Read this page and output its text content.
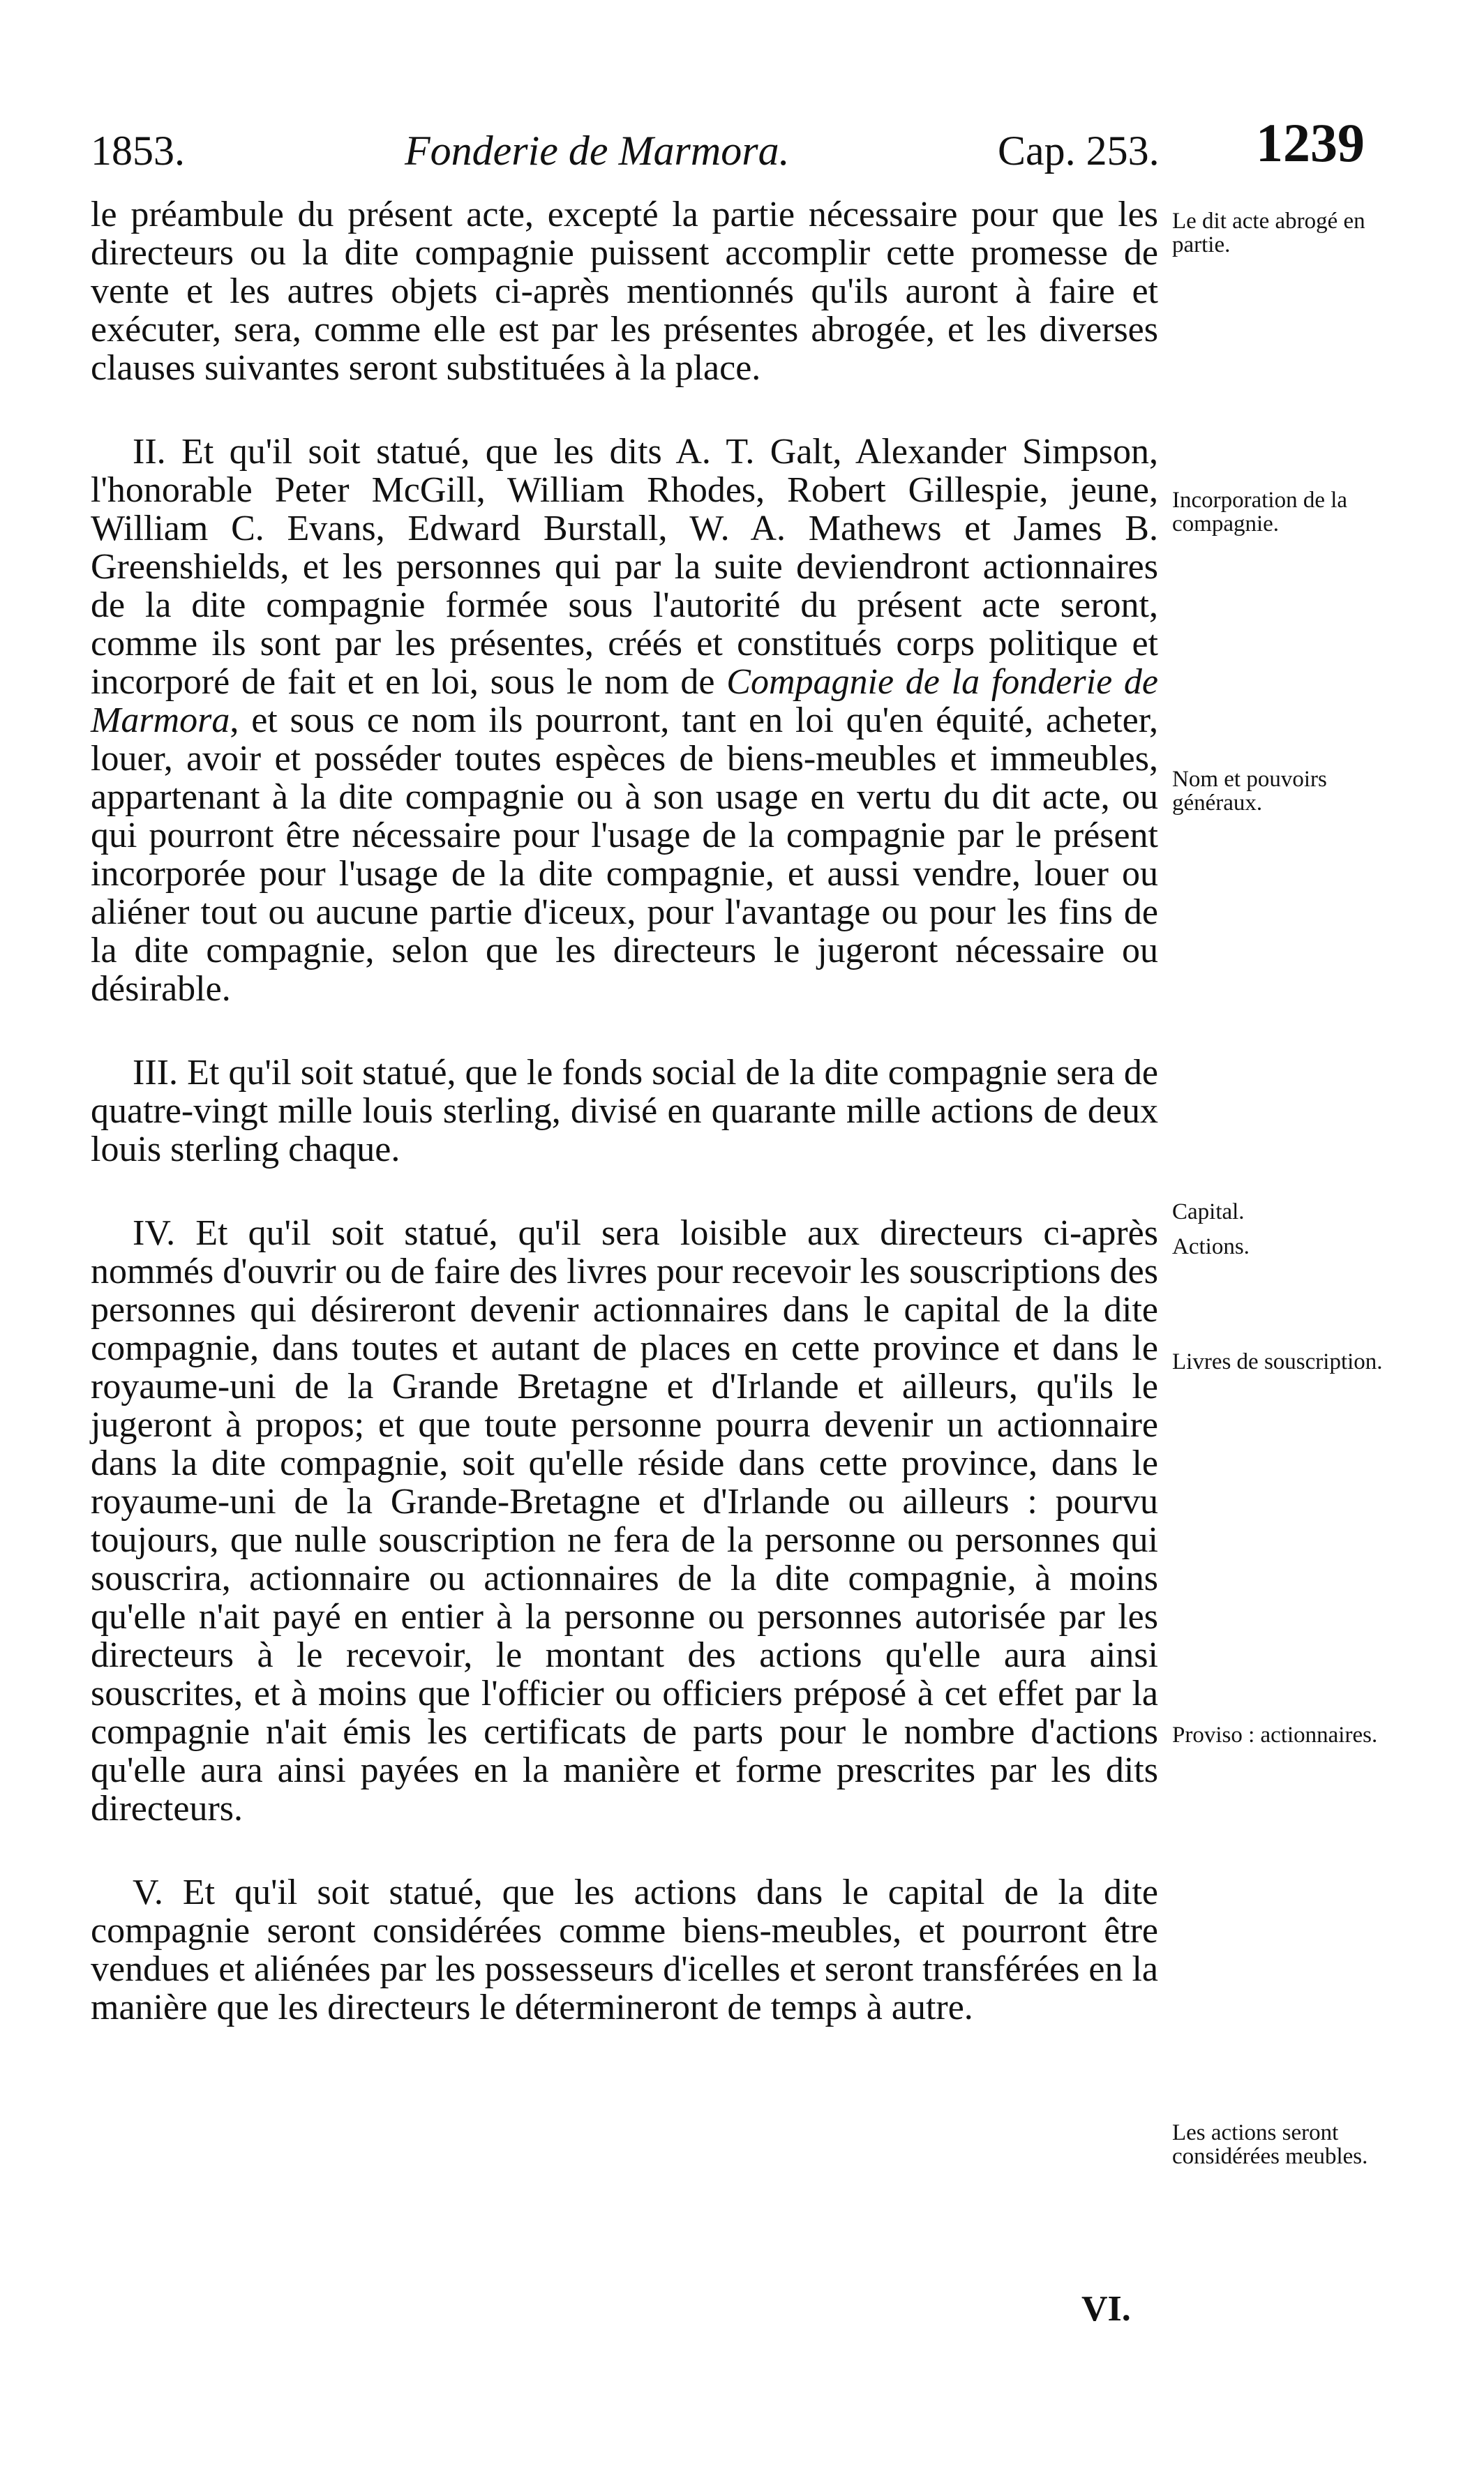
1853.	Fonderie de Marmora.	Cap. 253. 1239

le préambule du présent acte, excepté la partie nécessaire pour que les directeurs ou la dite compagnie puissent accomplir cette promesse de vente et les autres objets ci-après mentionnés qu'ils auront à faire et exécuter, sera, comme elle est par les présentes abrogée, et les diverses clauses suivantes seront substituées à la place.

II. Et qu'il soit statué, que les dits A. T. Galt, Alexander Simpson, l'honorable Peter McGill, William Rhodes, Robert Gillespie, jeune, William C. Evans, Edward Burstall, W. A. Mathews et James B. Greenshields, et les personnes qui par la suite deviendront actionnaires de la dite compagnie formée sous l'autorité du présent acte seront, comme ils sont par les présentes, créés et constitués corps politique et incorporé de fait et en loi, sous le nom de Compagnie de la fonderie de Marmora, et sous ce nom ils pourront, tant en loi qu'en équité, acheter, louer, avoir et posséder toutes espèces de biens-meubles et immeubles, appartenant à la dite compagnie ou à son usage en vertu du dit acte, ou qui pourront être nécessaire pour l'usage de la compagnie par le présent incorporée pour l'usage de la dite compagnie, et aussi vendre, louer ou aliéner tout ou aucune partie d'iceux, pour l'avantage ou pour les fins de la dite compagnie, selon que les directeurs le jugeront nécessaire ou désirable.

III. Et qu'il soit statué, que le fonds social de la dite compagnie sera de quatre-vingt mille louis sterling, divisé en quarante mille actions de deux louis sterling chaque.

IV. Et qu'il soit statué, qu'il sera loisible aux directeurs ci-après nommés d'ouvrir ou de faire des livres pour recevoir les souscriptions des personnes qui désireront devenir actionnaires dans le capital de la dite compagnie, dans toutes et autant de places en cette province et dans le royaume-uni de la Grande Bretagne et d'Irlande et ailleurs, qu'ils le jugeront à propos; et que toute personne pourra devenir un actionnaire dans la dite compagnie, soit qu'elle réside dans cette province, dans le royaume-uni de la Grande-Bretagne et d'Irlande ou ailleurs : pourvu toujours, que nulle souscription ne fera de la personne ou personnes qui souscrira, actionnaire ou actionnaires de la dite compagnie, à moins qu'elle n'ait payé en entier à la personne ou personnes autorisée par les directeurs à le recevoir, le montant des actions qu'elle aura ainsi souscrites, et à moins que l'officier ou officiers préposé à cet effet par la compagnie n'ait émis les certificats de parts pour le nombre d'actions qu'elle aura ainsi payées en la manière et forme prescrites par les dits directeurs.

V. Et qu'il soit statué, que les actions dans le capital de la dite compagnie seront considérées comme biens-meubles, et pourront être vendues et aliénées par les possesseurs d'icelles et seront transférées en la manière que les directeurs le détermineront de temps à autre.

Le dit acte abrogé en partie.
Incorporation de la compagnie.
Nom et pouvoirs généraux.
Capital.
Actions.
Livres de souscription.
Proviso : actionnaires.
Les actions seront considérées meubles.
VI.
